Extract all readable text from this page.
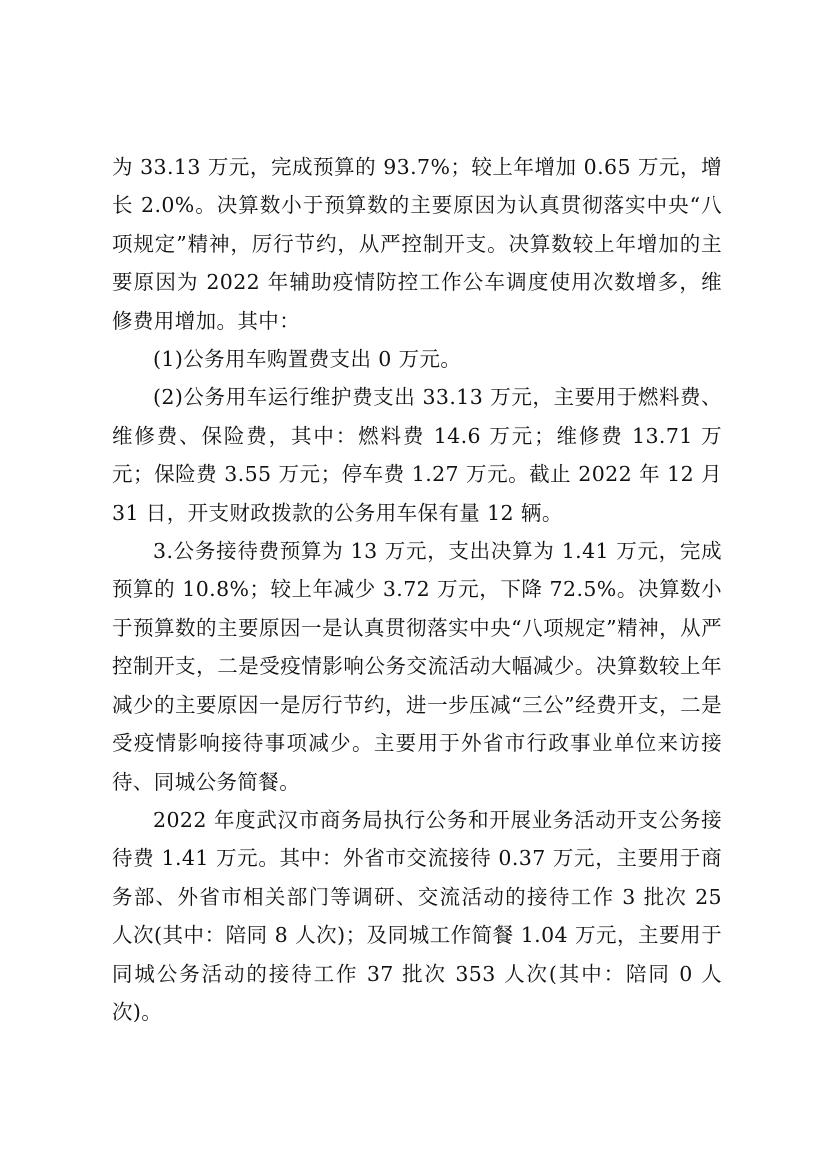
为 33.13 万元，完成预算的 93.7%；较上年增加 0.65 万元，增长 2.0%。决算数小于预算数的主要原因为认真贯彻落实中央“八项规定”精神，厉行节约，从严控制开支。决算数较上年增加的主要原因为 2022 年辅助疫情防控工作公车调度使用次数增多，维修费用增加。其中：

(1)公务用车购置费支出 0 万元。

(2)公务用车运行维护费支出 33.13 万元，主要用于燃料费、维修费、保险费，其中：燃料费 14.6 万元；维修费 13.71 万元；保险费 3.55 万元；停车费 1.27 万元。截止 2022 年 12 月 31 日，开支财政拨款的公务用车保有量 12 辆。

3.公务接待费预算为 13 万元，支出决算为 1.41 万元，完成预算的 10.8%；较上年减少 3.72 万元，下降 72.5%。决算数小于预算数的主要原因一是认真贯彻落实中央“八项规定”精神，从严控制开支，二是受疫情影响公务交流活动大幅减少。决算数较上年减少的主要原因一是厉行节约，进一步压减“三公”经费开支，二是受疫情影响接待事项减少。主要用于外省市行政事业单位来访接待、同城公务简餐。

2022 年度武汉市商务局执行公务和开展业务活动开支公务接待费 1.41 万元。其中：外省市交流接待 0.37 万元，主要用于商务部、外省市相关部门等调研、交流活动的接待工作 3 批次 25 人次(其中：陪同 8 人次)；及同城工作简餐 1.04 万元，主要用于同城公务活动的接待工作 37 批次 353 人次(其中：陪同 0 人次)。
